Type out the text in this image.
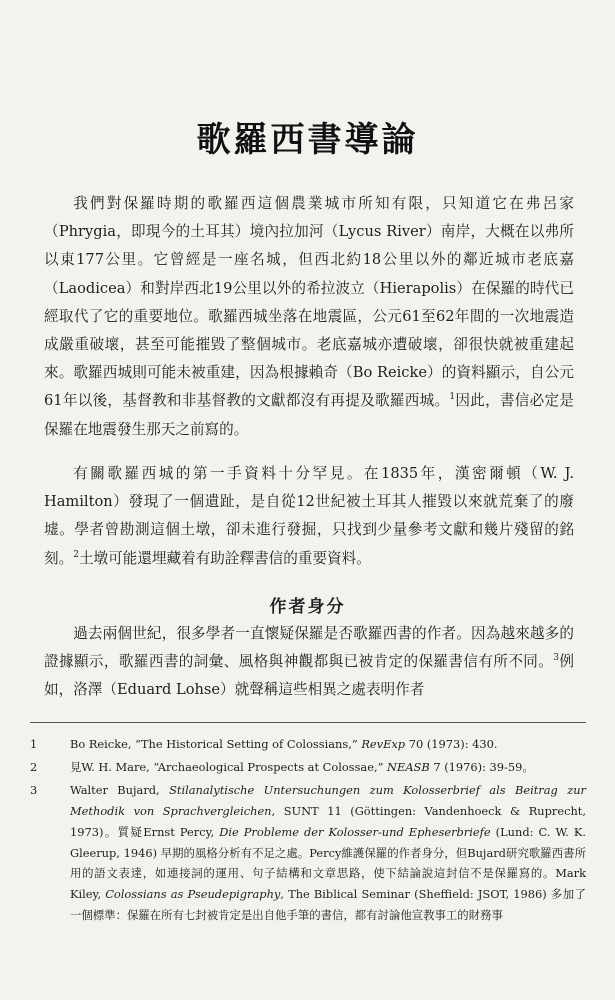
歌羅西書導論

我們對保羅時期的歌羅西這個農業城市所知有限，只知道它在弗呂家（Phrygia，即現今的土耳其）境內拉加河（Lycus River）南岸，大概在以弗所以東177公里。它曾經是一座名城，但西北約18公里以外的鄰近城市老底嘉（Laodicea）和對岸西北19公里以外的希拉波立（Hierapolis）在保羅的時代已經取代了它的重要地位。歌羅西城坐落在地震區，公元61至62年間的一次地震造成嚴重破壞，甚至可能摧毀了整個城市。老底嘉城亦遭破壞，卻很快就被重建起來。歌羅西城則可能未被重建，因為根據賴奇（Bo Reicke）的資料顯示，自公元61年以後，基督教和非基督教的文獻都沒有再提及歌羅西城。$^1$因此，書信必定是保羅在地震發生那天之前寫的。

有關歌羅西城的第一手資料十分罕見。在1835年，漢密爾頓（W. J. Hamilton）發現了一個遺趾，是自從12世紀被土耳其人摧毀以來就荒棄了的廢墟。學者曾勘測這個土墩，卻未進行發掘，只找到少量參考文獻和幾片殘留的銘刻。$^2$土墩可能還埋藏着有助詮釋書信的重要資料。

作者身分

過去兩個世紀，很多學者一直懷疑保羅是否歌羅西書的作者。因為越來越多的證據顯示，歌羅西書的詞彙、風格與神觀都與已被肯定的保羅書信有所不同。$^3$例如，洛澤（Eduard Lohse）就聲稱這些相異之處表明作者

1	Bo Reicke, “The Historical Setting of Colossians,” RevExp 70 (1973): 430.
2	見W. H. Mare, “Archaeological Prospects at Colossae,” NEASB 7 (1976): 39-59。
3	Walter Bujard, Stilanalytische Untersuchungen zum Kolosserbrief als Beitrag zur Methodik von Sprachvergleichen, SUNT 11 (Göttingen: Vandenhoeck & Ruprecht, 1973)。質疑Ernst Percy, Die Probleme der Kolosser-und Epheserbriefe (Lund: C. W. K. Gleerup, 1946) 早期的風格分析有不足之處。Percy維護保羅的作者身分，但Bujard研究歌羅西書所用的語文表達，如連接詞的運用、句子結構和文章思路，使下結論說這封信不是保羅寫的。Mark Kiley, Colossians as Pseudepigraphy, The Biblical Seminar (Sheffield: JSOT, 1986) 多加了一個標準：保羅在所有七封被肯定是出自他手筆的書信，都有討論他宣教事工的財務事
